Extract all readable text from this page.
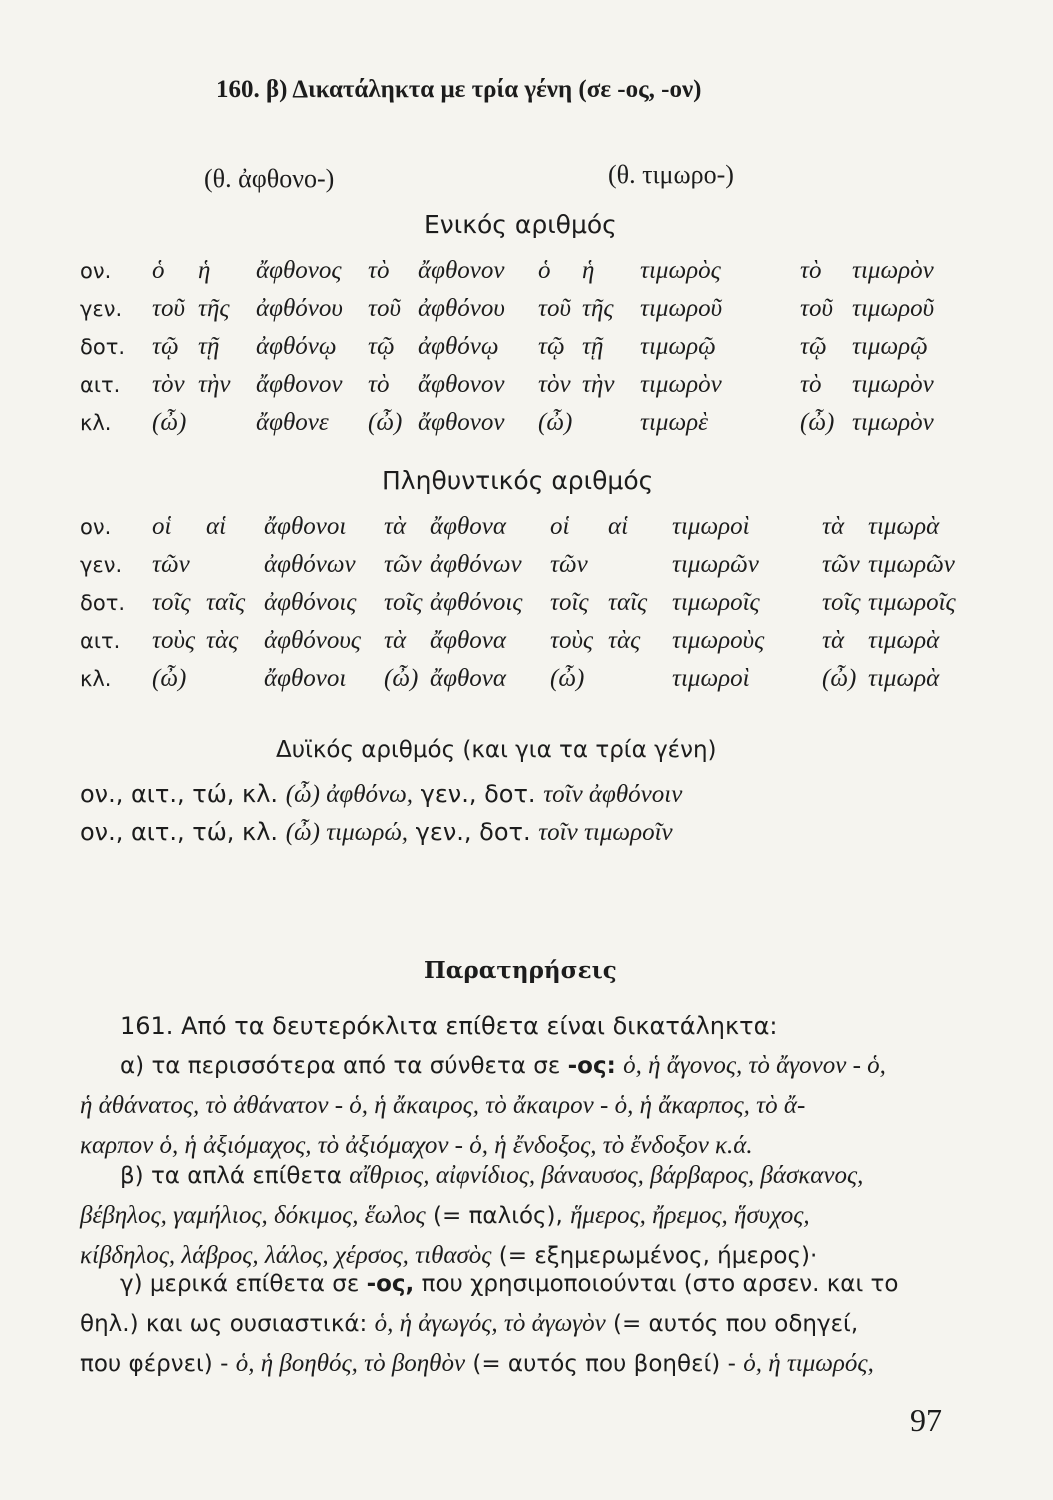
160. β) Δικατάληκτα με τρία γένη (σε -ος, -ον)
(θ. ἀφθονο-)	(θ. τιμωρο-)
Ενικός αριθμός
ον.	ὁ	ἡ	ἄφθονος	τὸ	ἄφθονον	ὁ	ἡ	τιμωρὸς	τὸ	τιμωρὸν
γεν.	τοῦ	τῆς	ἀφθόνου	τοῦ	ἀφθόνου	τοῦ	τῆς	τιμωροῦ	τοῦ	τιμωροῦ
δοτ.	τῷ	τῇ	ἀφθόνῳ	τῷ	ἀφθόνῳ	τῷ	τῇ	τιμωρῷ	τῷ	τιμωρῷ
αιτ.	τὸν	τὴν	ἄφθονον	τὸ	ἄφθονον	τὸν	τὴν	τιμωρὸν	τὸ	τιμωρὸν
κλ.	(ὦ)		ἄφθονε	(ὦ)	ἄφθονον	(ὦ)		τιμωρὲ	(ὦ)	τιμωρὸν
Πληθυντικός αριθμός
ον.	οἱ	αἱ	ἄφθονοι	τὰ	ἄφθονα	οἱ	αἱ	τιμωροὶ	τὰ	τιμωρὰ
γεν.	τῶν		ἀφθόνων	τῶν	ἀφθόνων	τῶν		τιμωρῶν	τῶν	τιμωρῶν
δοτ.	τοῖς	ταῖς	ἀφθόνοις	τοῖς	ἀφθόνοις	τοῖς	ταῖς	τιμωροῖς	τοῖς	τιμωροῖς
αιτ.	τοὺς	τὰς	ἀφθόνους	τὰ	ἄφθονα	τοὺς	τὰς	τιμωροὺς	τὰ	τιμωρὰ
κλ.	(ὦ)		ἄφθονοι	(ὦ)	ἄφθονα	(ὦ)		τιμωροὶ	(ὦ)	τιμωρὰ
Δυϊκός αριθμός (και για τα τρία γένη)
ον., αιτ., τώ, κλ. (ὦ) ἀφθόνω, γεν., δοτ. τοῖν ἀφθόνοιν
ον., αιτ., τώ, κλ. (ὦ) τιμωρώ, γεν., δοτ. τοῖν τιμωροῖν
Παρατηρήσεις
161. Από τα δευτερόκλιτα επίθετα είναι δικατάληκτα:
α) τα περισσότερα από τα σύνθετα σε -ος: ὁ, ἡ ἄγονος, τὸ ἄγονον - ὁ,
ἡ ἀθάνατος, τὸ ἀθάνατον - ὁ, ἡ ἄκαιρος, τὸ ἄκαιρον - ὁ, ἡ ἄκαρπος, τὸ ἄ-
καρπον ὁ, ἡ ἀξιόμαχος, τὸ ἀξιόμαχον - ὁ, ἡ ἔνδοξος, τὸ ἔνδοξον κ.ά.
β) τα απλά επίθετα αἴθριος, αἰφνίδιος, βάναυσος, βάρβαρος, βάσκανος,
βέβηλος, γαμήλιος, δόκιμος, ἕωλος (= παλιός), ἥμερος, ἤρεμος, ἥσυχος,
κίβδηλος, λάβρος, λάλος, χέρσος, τιθασὸς (= εξημερωμένος, ήμερος)·
γ) μερικά επίθετα σε -ος, που χρησιμοποιούνται (στο αρσεν. και το
θηλ.) και ως ουσιαστικά: ὁ, ἡ ἀγωγός, τὸ ἀγωγὸν (= αυτός που οδηγεί,
που φέρνει) - ὁ, ἡ βοηθός, τὸ βοηθὸν (= αυτός που βοηθεί) - ὁ, ἡ τιμωρός,
97
